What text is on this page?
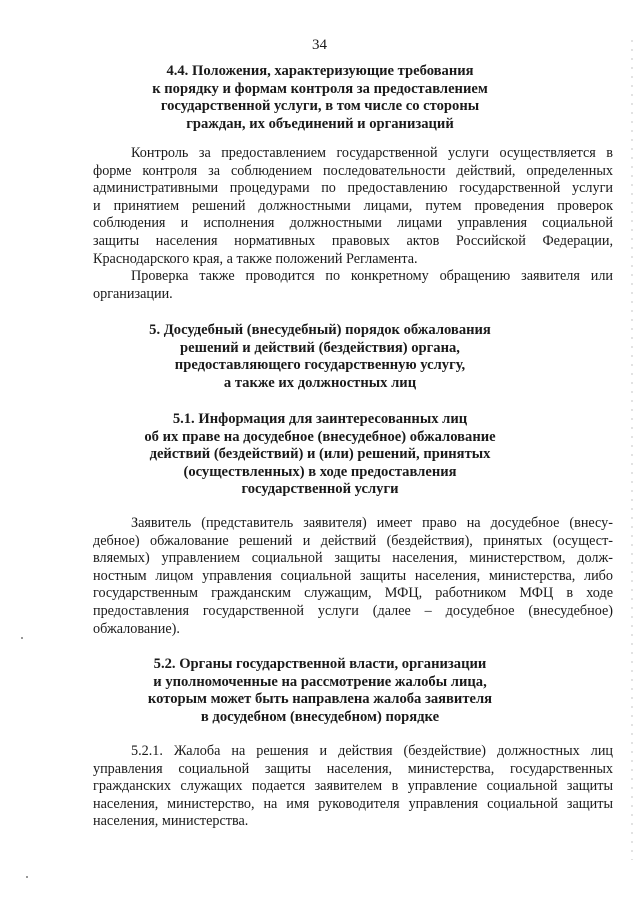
34
4.4. Положения, характеризующие требования
к порядку и формам контроля за предоставлением
государственной услуги, в том числе со стороны
граждан, их объединений и организаций
Контроль за предоставлением государственной услуги осуществляется в
форме контроля за соблюдением последовательности действий, определенных
административными процедурами по предоставлению государственной услуги
и принятием решений должностными лицами, путем проведения проверок
соблюдения и исполнения должностными лицами управления социальной
защиты населения нормативных правовых актов Российской Федерации,
Краснодарского края, а также положений Регламента.
Проверка также проводится по конкретному обращению заявителя или
организации.
5. Досудебный (внесудебный) порядок обжалования
решений и действий (бездействия) органа,
предоставляющего государственную услугу,
а также их должностных лиц
5.1. Информация для заинтересованных лиц
об их праве на досудебное (внесудебное) обжалование
действий (бездействий) и (или) решений, принятых
(осуществленных) в ходе предоставления
государственной услуги
Заявитель (представитель заявителя) имеет право на досудебное (внесу-
дебное) обжалование решений и действий (бездействия), принятых (осущест-
вляемых) управлением социальной защиты населения, министерством, долж-
ностным лицом управления социальной защиты населения, министерства, либо
государственным гражданским служащим, МФЦ, работником МФЦ в ходе
предоставления государственной услуги (далее – досудебное (внесудебное)
обжалование).
5.2. Органы государственной власти, организации
и уполномоченные на рассмотрение жалобы лица,
которым может быть направлена жалоба заявителя
в досудебном (внесудебном) порядке
5.2.1. Жалоба на решения и действия (бездействие) должностных лиц
управления социальной защиты населения, министерства, государственных
гражданских служащих подается заявителем в управление социальной защиты
населения, министерство, на имя руководителя управления социальной защиты
населения, министерства.
